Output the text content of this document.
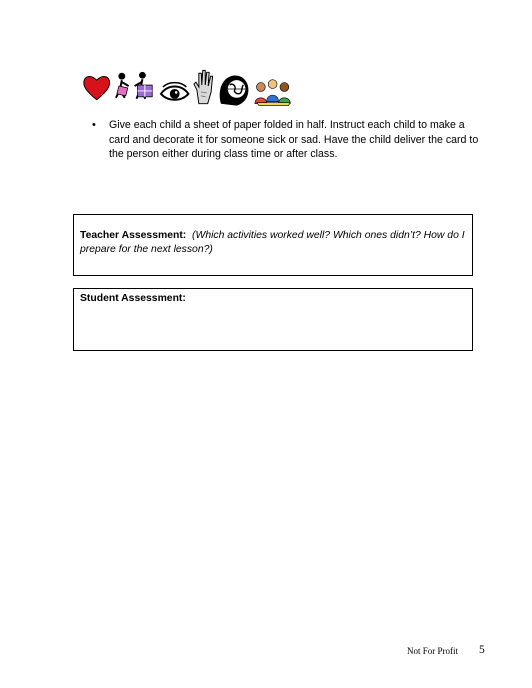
• Give each child a sheet of paper folded in half. Instruct each child to make a card and decorate it for someone sick or sad. Have the child deliver the card to the person either during class time or after class.
Teacher Assessment: (Which activities worked well? Which ones didn’t? How do I prepare for the next lesson?)
Student Assessment:
Not For Profit 5
